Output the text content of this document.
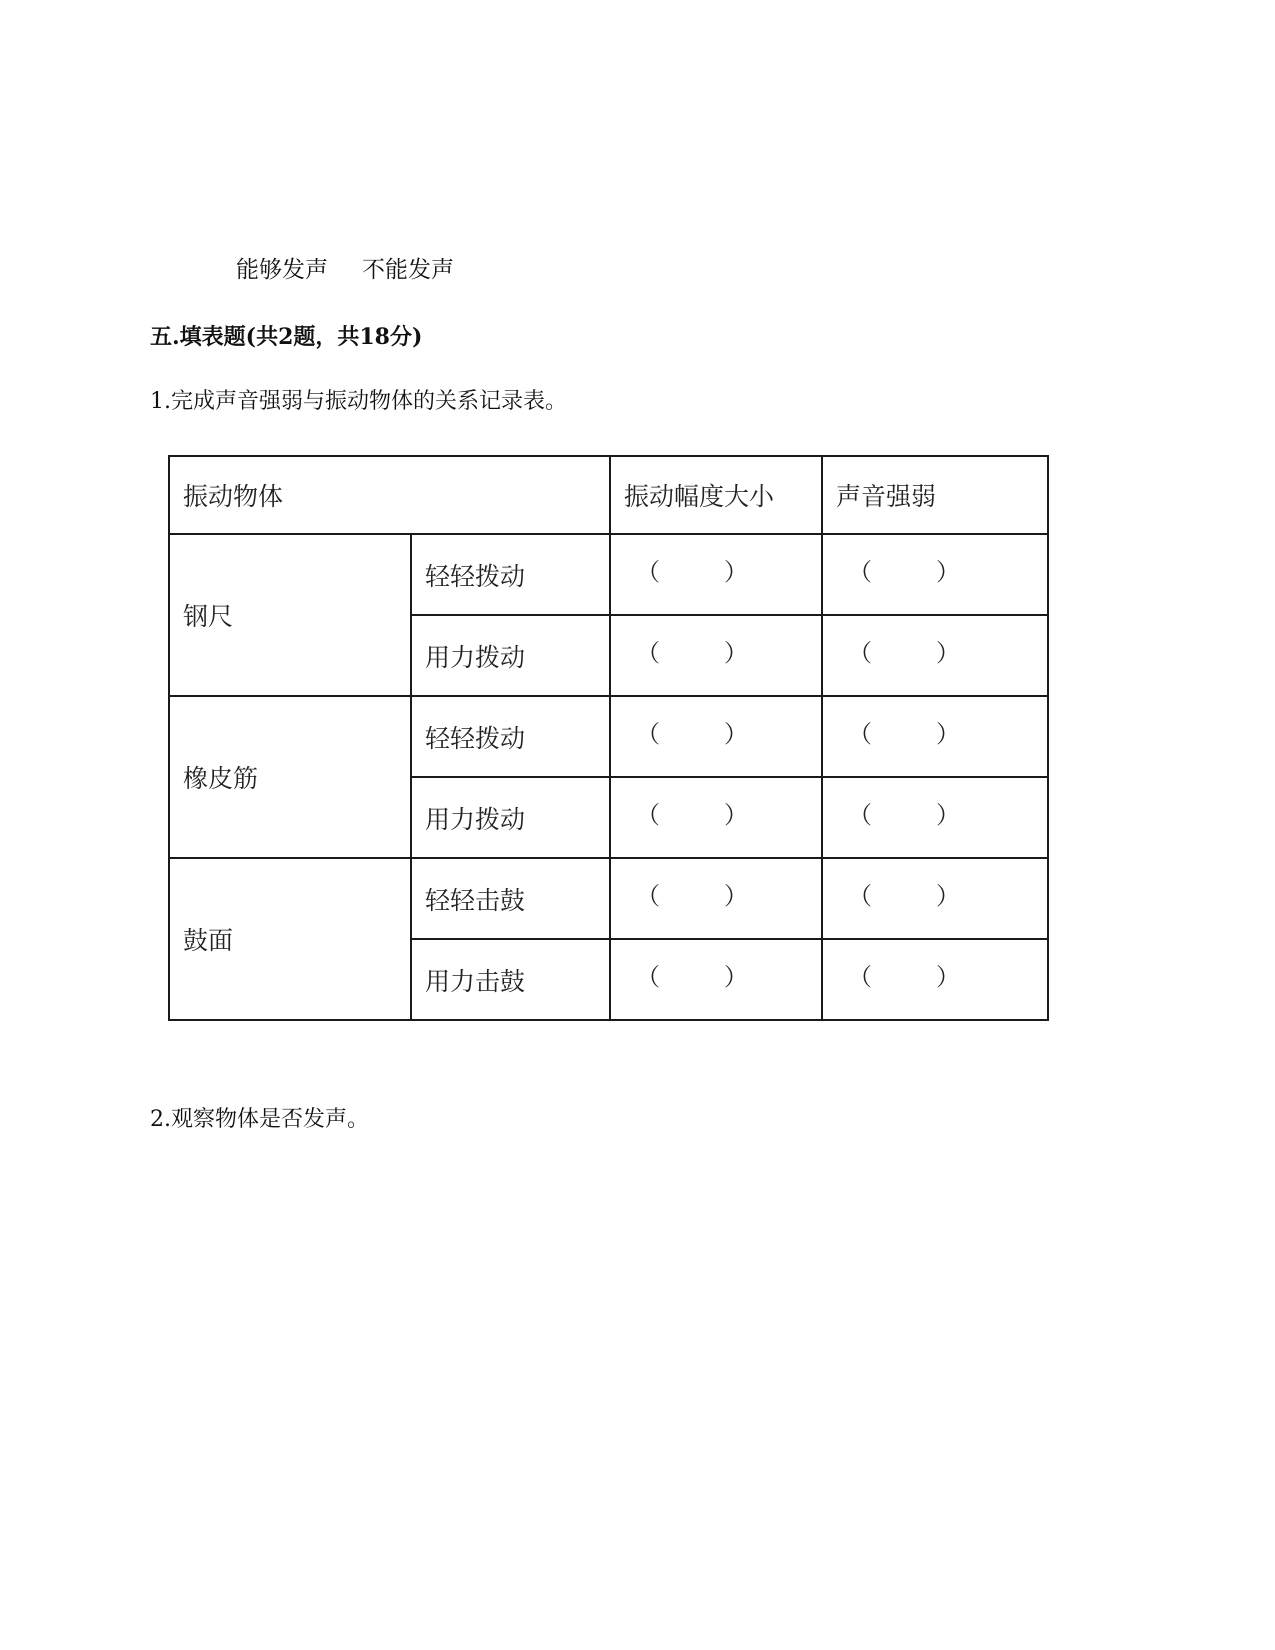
能够发声 不能发声
五.填表题(共2题，共18分)
1.完成声音强弱与振动物体的关系记录表。
振动物体		振动幅度大小	声音强弱
钢尺	轻轻拨动	（ ）	（ ）

	用力拨动	（ ）	（ ）

橡皮筋	轻轻拨动	（ ）	（ ）

	用力拨动	（ ）	（ ）

鼓面	轻轻击鼓	（ ）	（ ）

	用力击鼓	（ ）	（ ）
2.观察物体是否发声。
